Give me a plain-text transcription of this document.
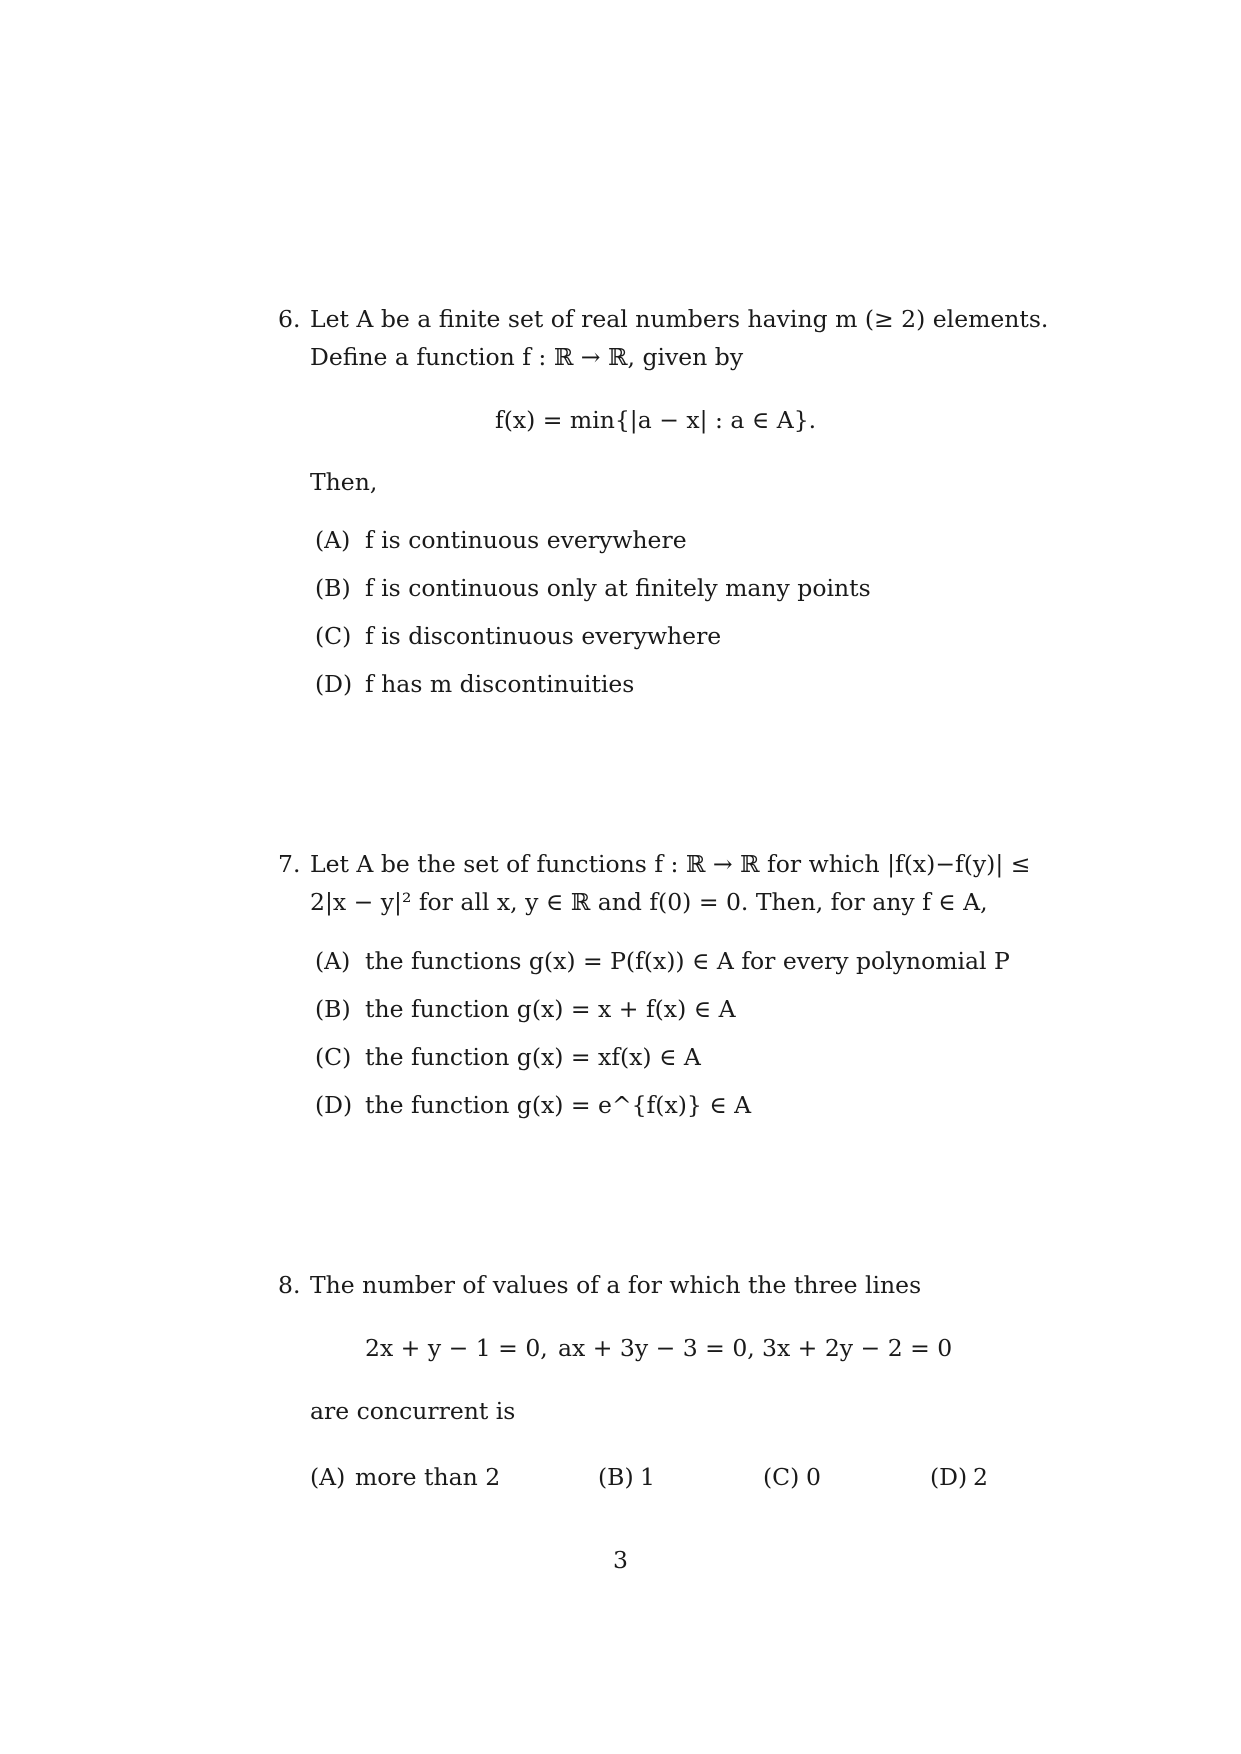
6. Let A be a finite set of real numbers having m (≥ 2) elements.
Define a function f : ℝ → ℝ, given by
f(x) = min{|a − x| : a ∈ A}.
Then,
(A) f is continuous everywhere
(B) f is continuous only at finitely many points
(C) f is discontinuous everywhere
(D) f has m discontinuities
7. Let A be the set of functions f : ℝ → ℝ for which |f(x)−f(y)| ≤
2|x − y|² for all x, y ∈ ℝ and f(0) = 0. Then, for any f ∈ A,
(A) the functions g(x) = P(f(x)) ∈ A for every polynomial P
(B) the function g(x) = x + f(x) ∈ A
(C) the function g(x) = xf(x) ∈ A
(D) the function g(x) = e^{f(x)} ∈ A
8. The number of values of a for which the three lines
2x + y − 1 = 0, ax + 3y − 3 = 0, 3x + 2y − 2 = 0
are concurrent is
(A) more than 2	(B) 1	(C) 0	(D) 2
3
